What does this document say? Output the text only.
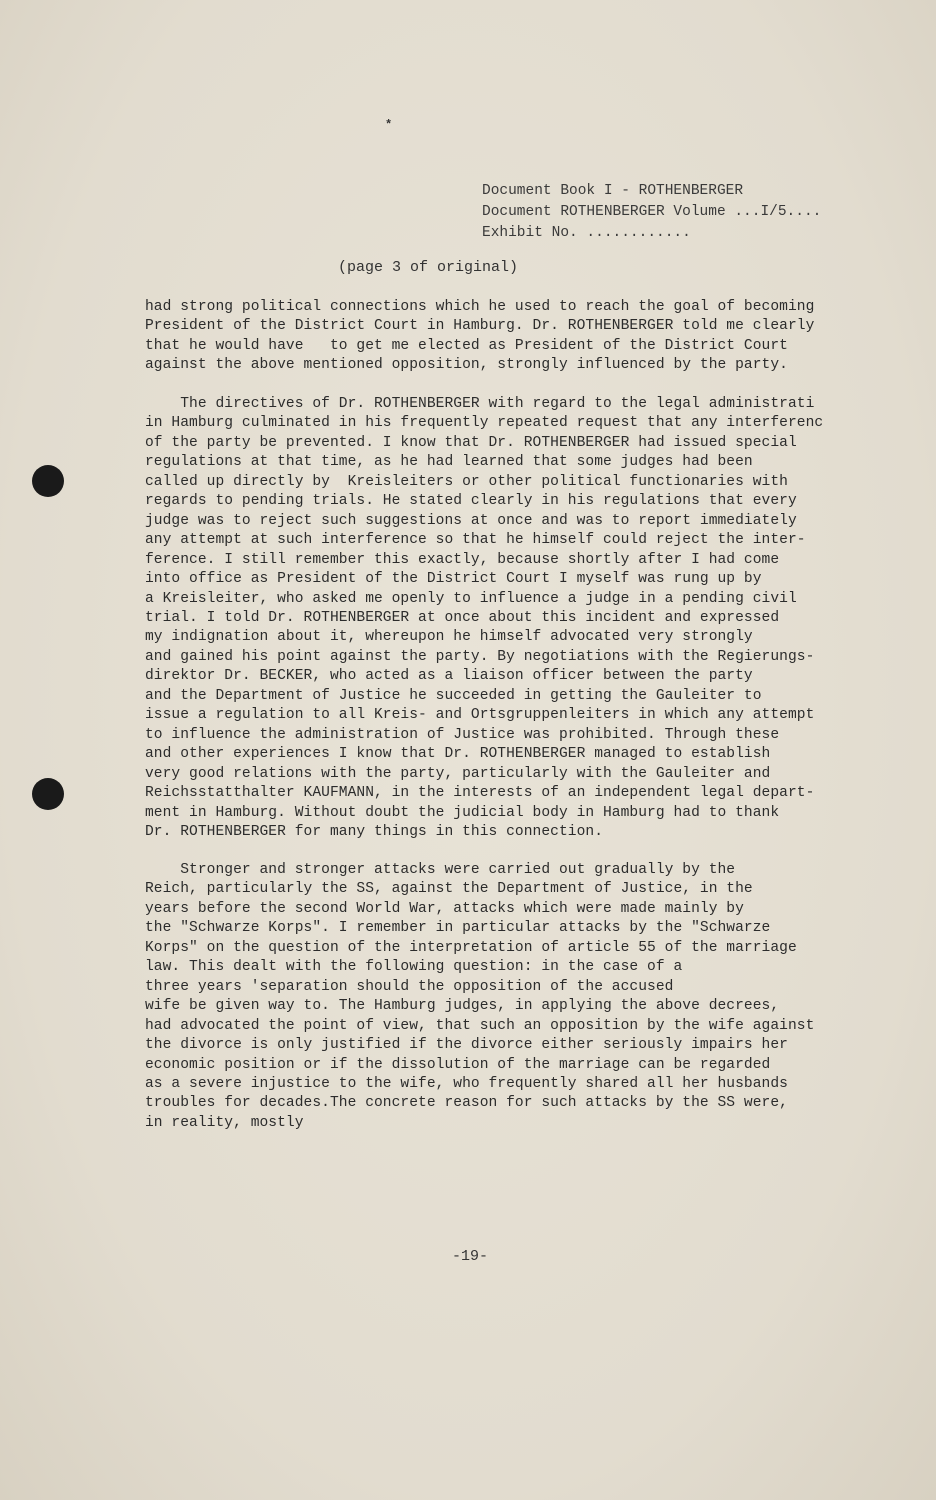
*
Document Book I - ROTHENBERGER
Document ROTHENBERGER Volume ...I/5....
Exhibit No. ............
(page 3 of original)
had strong political connections which he used to reach the goal of becoming
President of the District Court in Hamburg. Dr. ROTHENBERGER told me clearly
that he would have   to get me elected as President of the District Court
against the above mentioned opposition, strongly influenced by the party.
The directives of Dr. ROTHENBERGER with regard to the legal administrati
in Hamburg culminated in his frequently repeated request that any interferenc
of the party be prevented. I know that Dr. ROTHENBERGER had issued special
regulations at that time, as he had learned that some judges had been
called up directly by  Kreisleiters or other political functionaries with
regards to pending trials. He stated clearly in his regulations that every
judge was to reject such suggestions at once and was to report immediately
any attempt at such interference so that he himself could reject the inter-
ference. I still remember this exactly, because shortly after I had come
into office as President of the District Court I myself was rung up by
a Kreisleiter, who asked me openly to influence a judge in a pending civil
trial. I told Dr. ROTHENBERGER at once about this incident and expressed
my indignation about it, whereupon he himself advocated very strongly
and gained his point against the party. By negotiations with the Regierungs-
direktor Dr. BECKER, who acted as a liaison officer between the party
and the Department of Justice he succeeded in getting the Gauleiter to
issue a regulation to all Kreis- and Ortsgruppenleiters in which any attempt
to influence the administration of Justice was prohibited. Through these
and other experiences I know that Dr. ROTHENBERGER managed to establish
very good relations with the party, particularly with the Gauleiter and
Reichsstatthalter KAUFMANN, in the interests of an independent legal depart-
ment in Hamburg. Without doubt the judicial body in Hamburg had to thank
Dr. ROTHENBERGER for many things in this connection.
Stronger and stronger attacks were carried out gradually by the
Reich, particularly the SS, against the Department of Justice, in the
years before the second World War, attacks which were made mainly by
the "Schwarze Korps". I remember in particular attacks by the "Schwarze
Korps" on the question of the interpretation of article 55 of the marriage
law. This dealt with the following question: in the case of a
three years 'separation should the opposition of the accused
wife be given way to. The Hamburg judges, in applying the above decrees,
had advocated the point of view, that such an opposition by the wife against
the divorce is only justified if the divorce either seriously impairs her
economic position or if the dissolution of the marriage can be regarded
as a severe injustice to the wife, who frequently shared all her husbands
troubles for decades.The concrete reason for such attacks by the SS were,
in reality, mostly
-19-
